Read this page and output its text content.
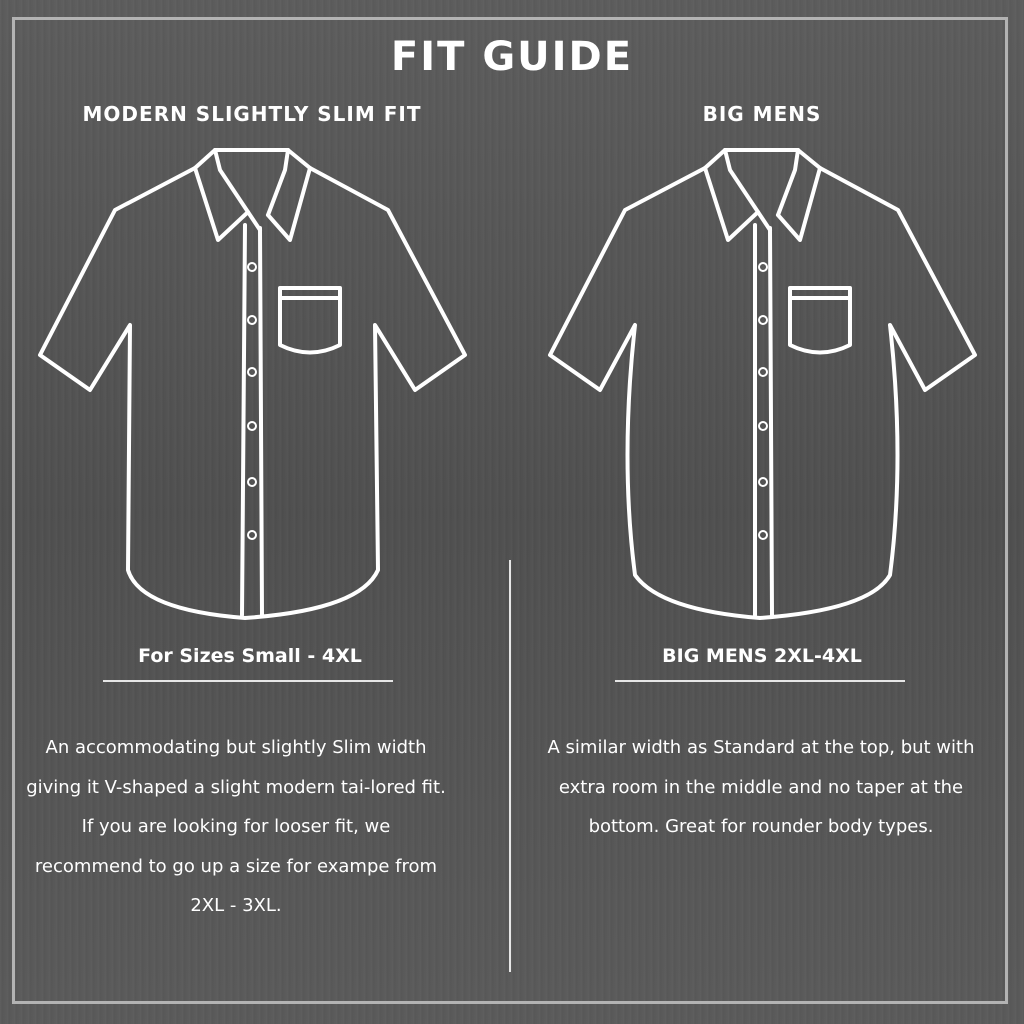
FIT GUIDE
MODERN SLIGHTLY SLIM FIT	BIG MENS
For Sizes Small - 4XL	BIG MENS 2XL-4XL
An accommodating but slightly Slim width giving it V-shaped a slight modern tai-lored fit. If you are looking for looser fit, we recommend to go up a size for exampe from 2XL - 3XL.
A similar width as Standard at the top, but with extra room in the middle and no taper at the bottom. Great for rounder body types.
